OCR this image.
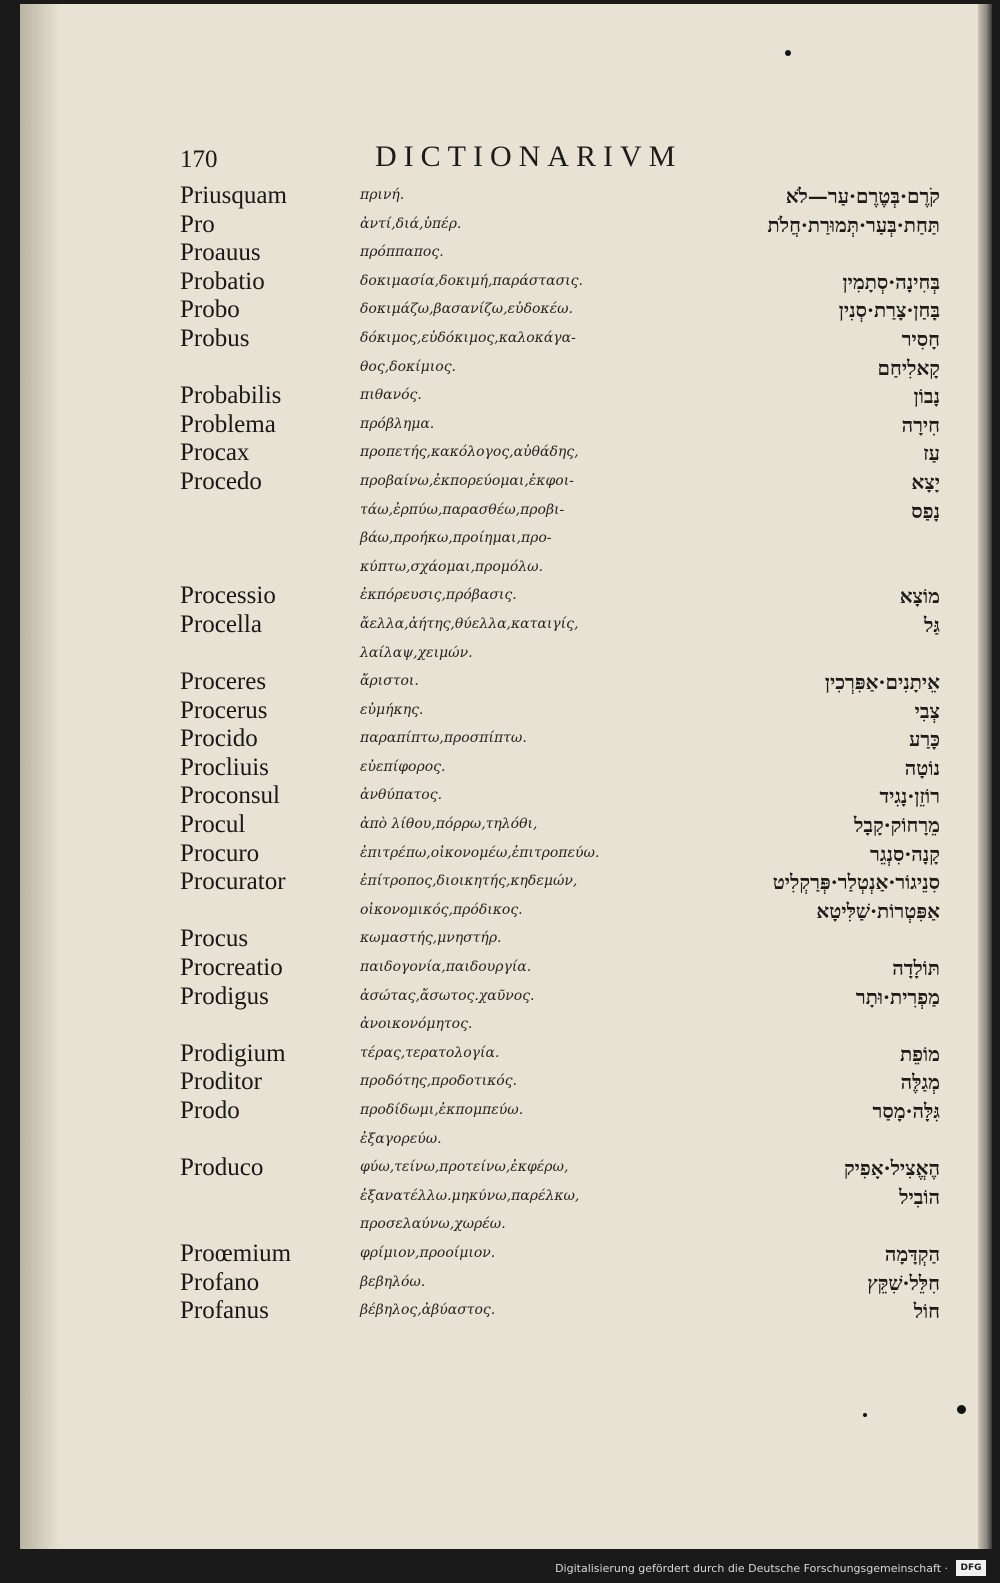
170	DICTIONARIVM
Priusquam	πρινή.	קֹרֶם·בְּטֶרֶם·עַר—לֹא
Pro	ἀντί,διά,ὑπέρ.	תַּחַת·בְּעַר·תְּמוּרַת·חֲלֹת
Proauus	πρόππαπος.
Probatio	δοκιμασία,δοκιμή,παράστασις.	בְּחִינָה·סְתָמִין
Probo	δοκιμάζω,βασανίζω,εὐδοκέω.	בָּחַן·צָרַת·סְנִין
Probus	δόκιμος,εὐδόκιμος,καλοκάγα-	חָסִיר
θος,δοκίμιος.	קָאלִיחַם
Probabilis	πιθανός.	נָבוֹן
Problema	πρόβλημα.	חִירָה
Procax	προπετής,κακόλογος,αὐθάδης,	עַז
Procedo	προβαίνω,ἐκπορεύομαι,ἐκφοι-	יָצָא
τάω,ἐρπύω,παρασθέω,προβι-	נָפַס
βάω,προήκω,προίημαι,προ-
κύπτω,σχάομαι,προμόλω.
Processio	ἐκπόρευσις,πρόβασις.	מוֹצָא
Procella	ἄελλα,ἀήτης,θύελλα,καταιγίς,	גַּל
λαίλαψ,χειμών.
Proceres	ἄριστοι.	אֵיתָנִים·אַפִּרְכִין
Procerus	εὐμήκης.	צְבִי
Procido	παραπίπτω,προσπίπτω.	כָּרַע
Procliuis	εὐεπίφορος.	נוֹטָה
Proconsul	ἀνθύπατος.	רוֹזֵן·נָגִיד
Procul	ἀπὸ λίθου,πόρρω,τηλόθι,	מֵרָחוֹק·קָבָל
Procuro	ἐπιτρέπω,οἰκονομέω,ἐπιτροπεύω.	קָנָה·סִנְגֵר
Procurator	ἐπίτροπος,διοικητής,κηδεμών,	סִנֵיגוֹר·אַנְטְלַר·פְּרַקְלִיט
οἰκονομικός,πρόδικος.	אַפִּטְרוֹת·שַׁלִּיטָא
Procus	κωμαστής,μνηστήρ.
Procreatio	παιδογονία,παιδουργία.	תּוֹלָדָה
Prodigus	ἀσώτας,ἄσωτος.χαῦνος.	מַפְרִית·וּתָר
ἀνοικονόμητος.
Prodigium	τέρας,τερατολογία.	מוֹפֵת
Proditor	προδότης,προδοτικός.	מְגַלֶּה
Prodo	προδίδωμι,ἐκπομπεύω.	גִּלָּה·מָסַר
ἐξαγορεύω.
Produco	φύω,τείνω,προτείνω,ἐκφέρω,	הֶאֱצִיל·אָפִיק
ἐξανατέλλω.μηκύνω,παρέλκω,	הוֹבִיל
προσελαύνω,χωρέω.
Proœmium	φρίμιον,προοίμιον.	הַקְדָּמָה
Profano	βεβηλόω.	חִלֵּל·שִׁקֵּץ
Profanus	βέβηλος,ἀβύαστος.	חוֹל
Digitalisierung gefördert durch die Deutsche Forschungsgemeinschaft ·	DFG
